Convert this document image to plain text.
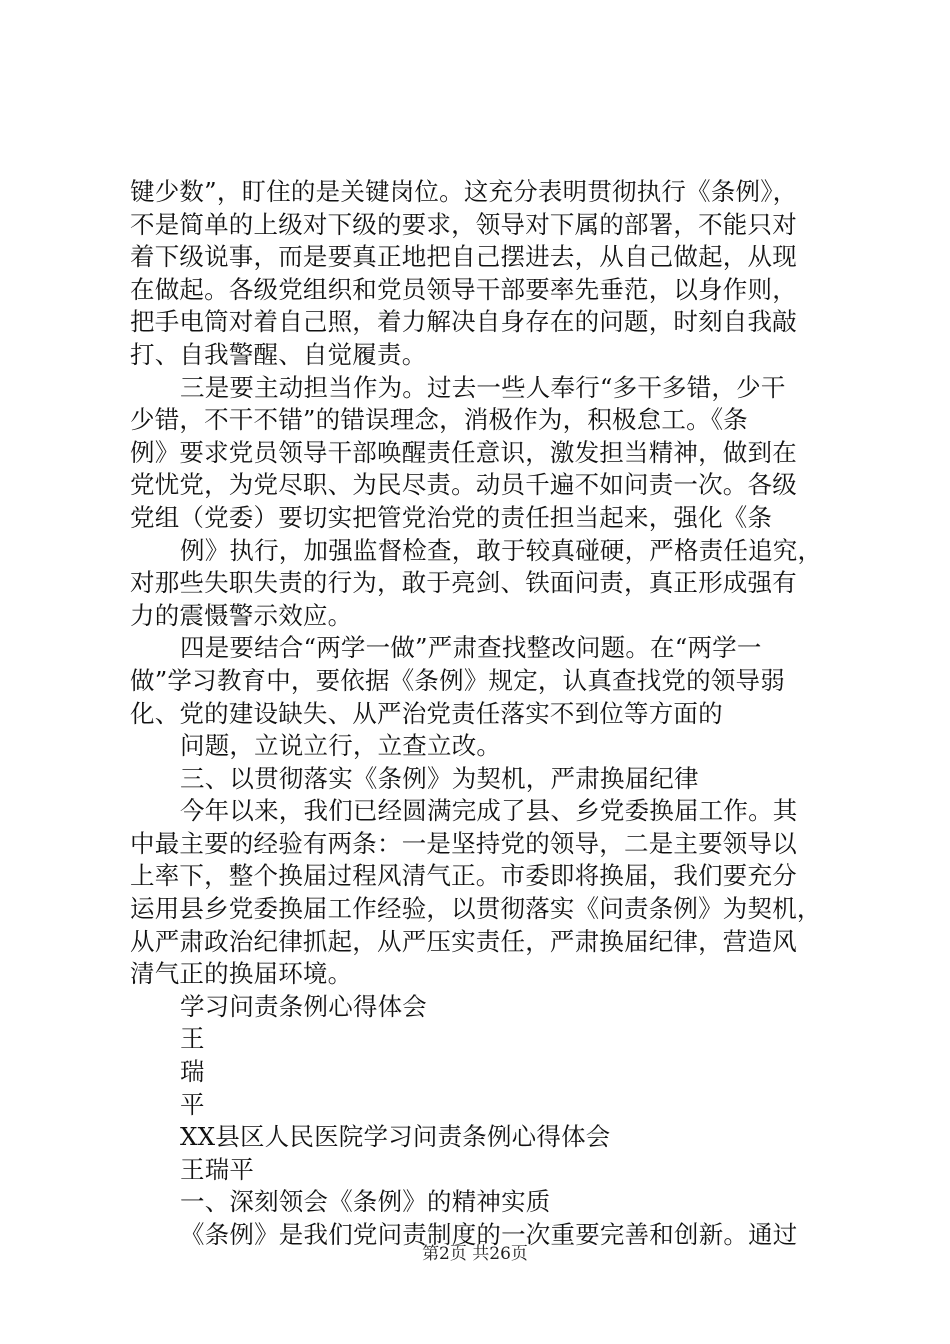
键少数”，盯住的是关键岗位。这充分表明贯彻执行《条例》，
不是简单的上级对下级的要求，领导对下属的部署，不能只对
着下级说事，而是要真正地把自己摆进去，从自己做起，从现
在做起。各级党组织和党员领导干部要率先垂范，以身作则，
把手电筒对着自己照，着力解决自身存在的问题，时刻自我敲
打、自我警醒、自觉履责。
三是要主动担当作为。过去一些人奉行“多干多错，少干
少错，不干不错”的错误理念，消极作为，积极怠工。《条
例》要求党员领导干部唤醒责任意识，激发担当精神，做到在
党忧党，为党尽职、为民尽责。动员千遍不如问责一次。各级
党组（党委）要切实把管党治党的责任担当起来，强化《条
例》执行，加强监督检查，敢于较真碰硬，严格责任追究，
对那些失职失责的行为，敢于亮剑、铁面问责，真正形成强有
力的震慑警示效应。
四是要结合“两学一做”严肃查找整改问题。在“两学一
做”学习教育中，要依据《条例》规定，认真查找党的领导弱
化、党的建设缺失、从严治党责任落实不到位等方面的
问题，立说立行，立查立改。
三、以贯彻落实《条例》为契机，严肃换届纪律
今年以来，我们已经圆满完成了县、乡党委换届工作。其
中最主要的经验有两条：一是坚持党的领导，二是主要领导以
上率下，整个换届过程风清气正。市委即将换届，我们要充分
运用县乡党委换届工作经验，以贯彻落实《问责条例》为契机，
从严肃政治纪律抓起，从严压实责任，严肃换届纪律，营造风
清气正的换届环境。
学习问责条例心得体会
王
瑞
平
XX县区人民医院学习问责条例心得体会
王瑞平
一、深刻领会《条例》的精神实质
《条例》是我们党问责制度的一次重要完善和创新。通过
第2页 共26页
